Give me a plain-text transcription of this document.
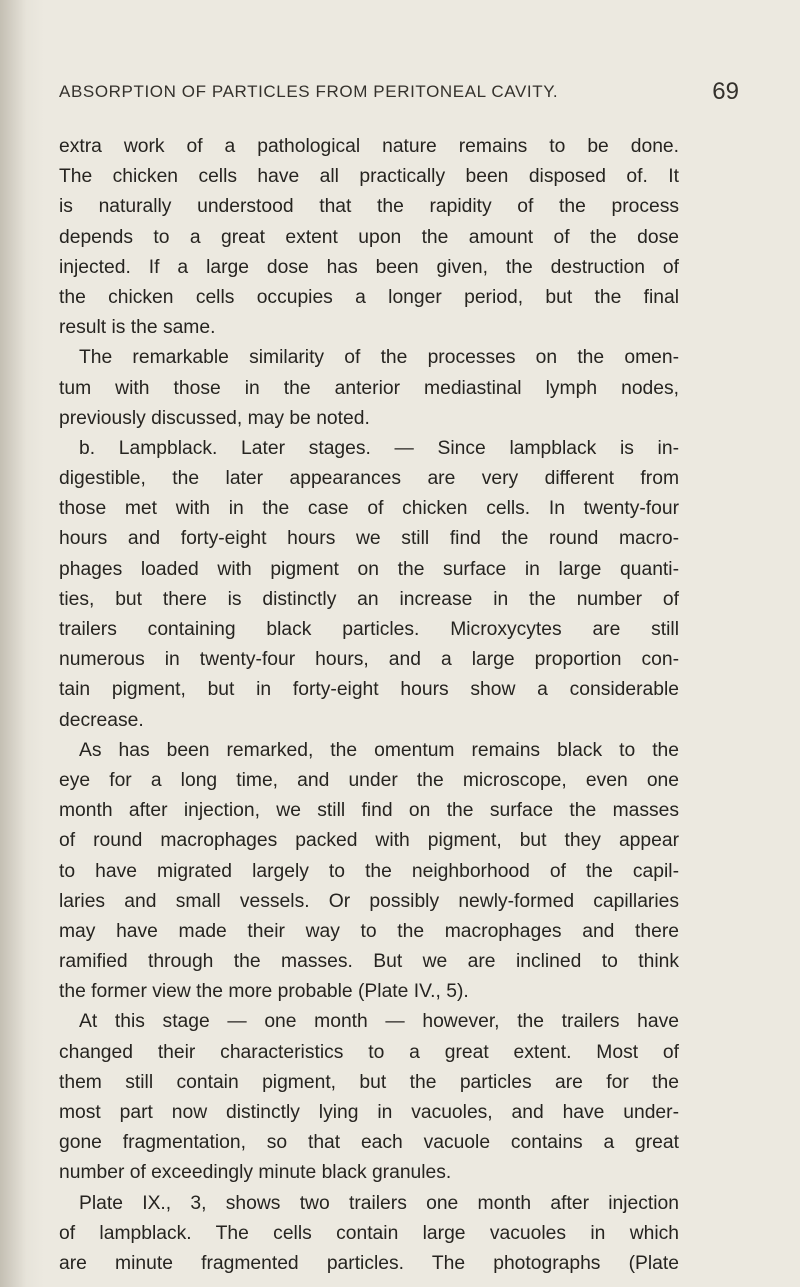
ABSORPTION OF PARTICLES FROM PERITONEAL CAVITY.	69
extra work of a pathological nature remains to be done.
The chicken cells have all practically been disposed of. It
is naturally understood that the rapidity of the process
depends to a great extent upon the amount of the dose
injected. If a large dose has been given, the destruction of
the chicken cells occupies a longer period, but the final
result is the same.
The remarkable similarity of the processes on the omen-
tum with those in the anterior mediastinal lymph nodes,
previously discussed, may be noted.
b. Lampblack. Later stages. — Since lampblack is in-
digestible, the later appearances are very different from
those met with in the case of chicken cells. In twenty-four
hours and forty-eight hours we still find the round macro-
phages loaded with pigment on the surface in large quanti-
ties, but there is distinctly an increase in the number of
trailers containing black particles. Microxycytes are still
numerous in twenty-four hours, and a large proportion con-
tain pigment, but in forty-eight hours show a considerable
decrease.
As has been remarked, the omentum remains black to the
eye for a long time, and under the microscope, even one
month after injection, we still find on the surface the masses
of round macrophages packed with pigment, but they appear
to have migrated largely to the neighborhood of the capil-
laries and small vessels. Or possibly newly-formed capillaries
may have made their way to the macrophages and there
ramified through the masses. But we are inclined to think
the former view the more probable (Plate IV., 5).
At this stage — one month — however, the trailers have
changed their characteristics to a great extent. Most of
them still contain pigment, but the particles are for the
most part now distinctly lying in vacuoles, and have under-
gone fragmentation, so that each vacuole contains a great
number of exceedingly minute black granules.
Plate IX., 3, shows two trailers one month after injection
of lampblack. The cells contain large vacuoles in which
are minute fragmented particles. The photographs (Plate
